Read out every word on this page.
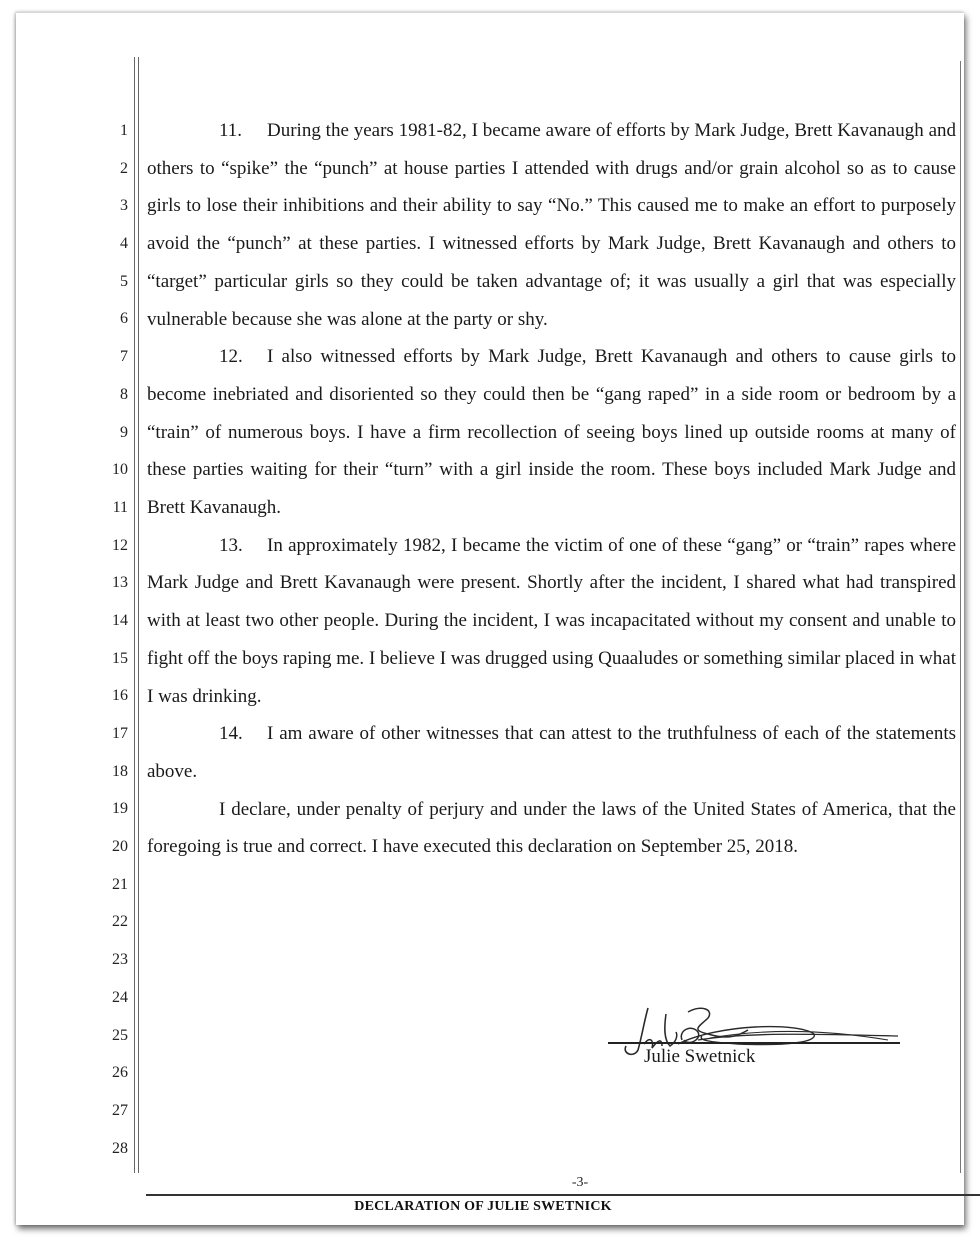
1
2
3
4
5
6
7
8
9
10
11
12
13
14
15
16
17
18
19
20
21
22
23
24
25
26
27
28

11. During the years 1981-82, I became aware of efforts by Mark Judge, Brett Kavanaugh and others to “spike” the “punch” at house parties I attended with drugs and/or grain alcohol so as to cause girls to lose their inhibitions and their ability to say “No.” This caused me to make an effort to purposely avoid the “punch” at these parties. I witnessed efforts by Mark Judge, Brett Kavanaugh and others to “target” particular girls so they could be taken advantage of; it was usually a girl that was especially vulnerable because she was alone at the party or shy.

12. I also witnessed efforts by Mark Judge, Brett Kavanaugh and others to cause girls to become inebriated and disoriented so they could then be “gang raped” in a side room or bedroom by a “train” of numerous boys. I have a firm recollection of seeing boys lined up outside rooms at many of these parties waiting for their “turn” with a girl inside the room. These boys included Mark Judge and Brett Kavanaugh.

13. In approximately 1982, I became the victim of one of these “gang” or “train” rapes where Mark Judge and Brett Kavanaugh were present. Shortly after the incident, I shared what had transpired with at least two other people. During the incident, I was incapacitated without my consent and unable to fight off the boys raping me. I believe I was drugged using Quaaludes or something similar placed in what I was drinking.

14. I am aware of other witnesses that can attest to the truthfulness of each of the statements above.

I declare, under penalty of perjury and under the laws of the United States of America, that the foregoing is true and correct. I have executed this declaration on September 25, 2018.

Julie Swetnick
-3-
DECLARATION OF JULIE SWETNICK
